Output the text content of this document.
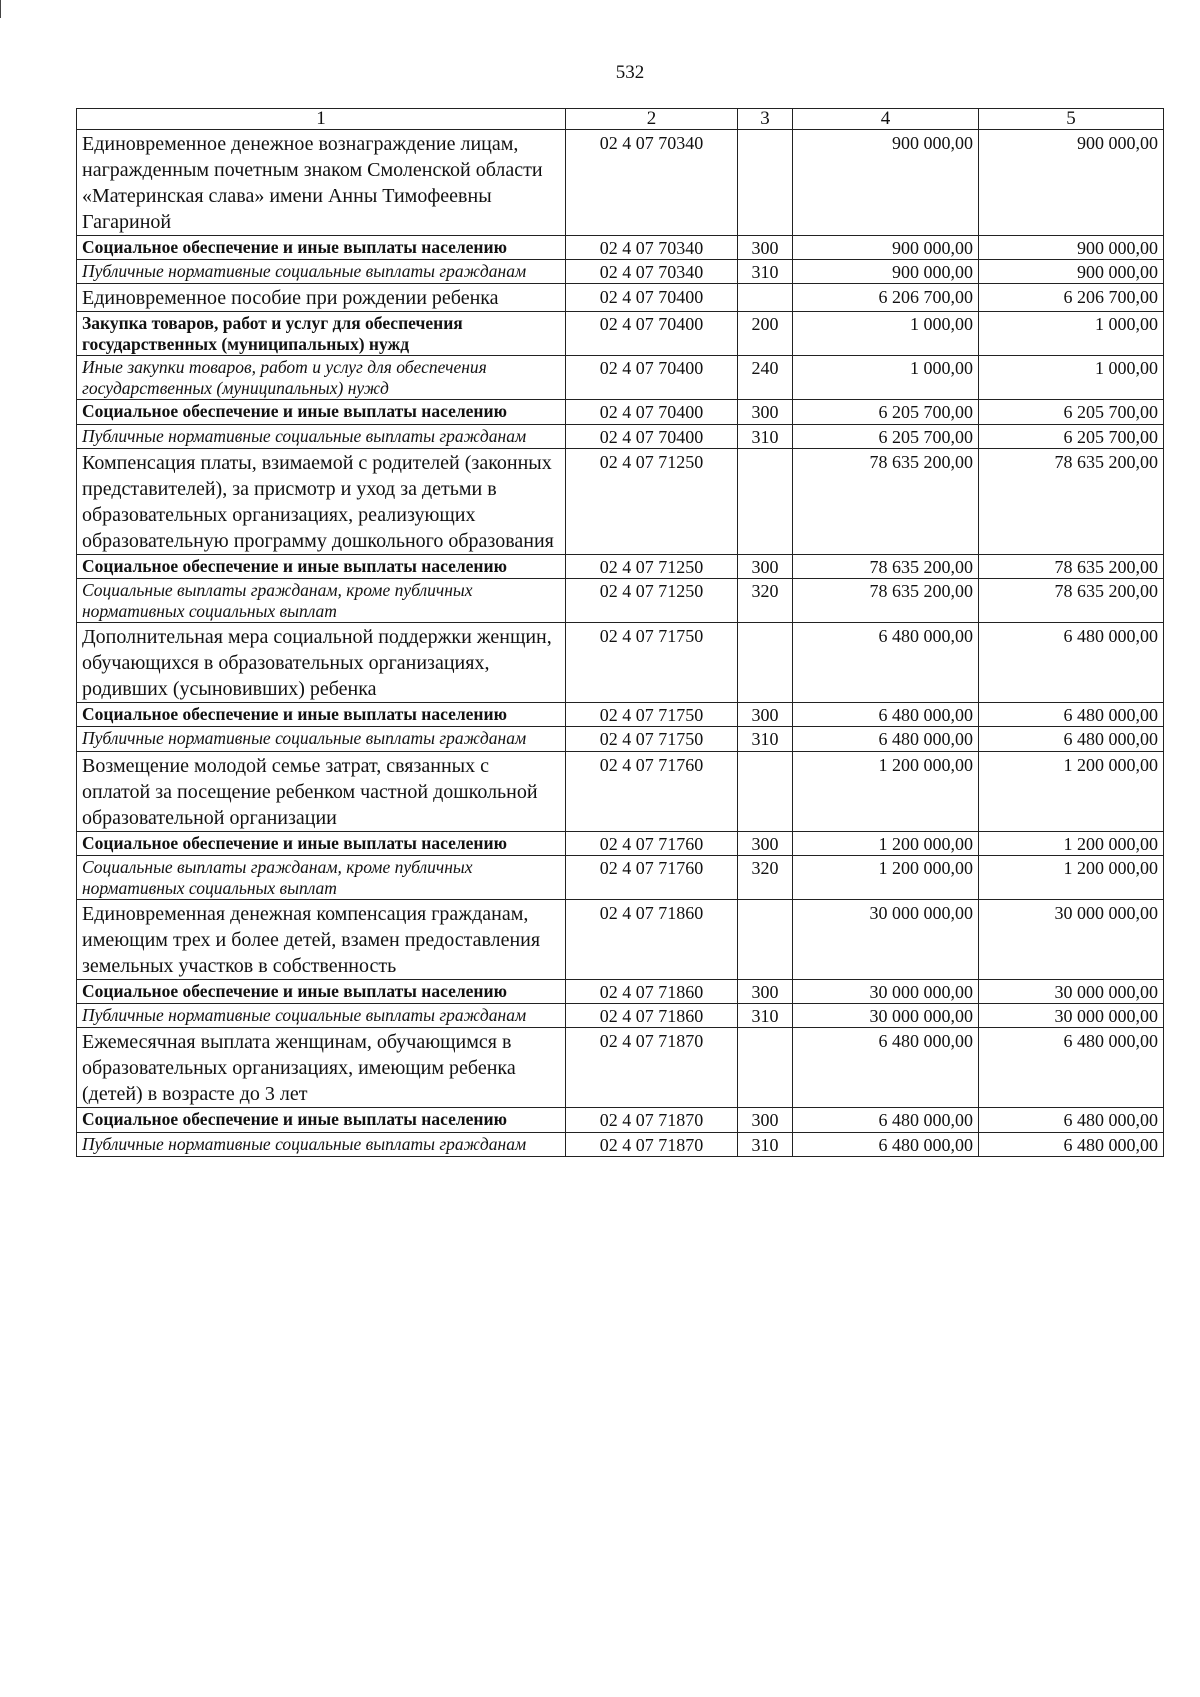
532
1	2	3	4	5
Единовременное денежное вознаграждение лицам, награжденным почетным знаком Смоленской области «Материнская слава» имени Анны Тимофеевны Гагариной	02 4 07 70340		900 000,00	900 000,00
Социальное обеспечение и иные выплаты населению	02 4 07 70340	300	900 000,00	900 000,00
Публичные нормативные социальные выплаты гражданам	02 4 07 70340	310	900 000,00	900 000,00
Единовременное пособие при рождении ребенка	02 4 07 70400		6 206 700,00	6 206 700,00
Закупка товаров, работ и услуг для обеспечения государственных (муниципальных) нужд	02 4 07 70400	200	1 000,00	1 000,00
Иные закупки товаров, работ и услуг для обеспечения государственных (муниципальных) нужд	02 4 07 70400	240	1 000,00	1 000,00
Социальное обеспечение и иные выплаты населению	02 4 07 70400	300	6 205 700,00	6 205 700,00
Публичные нормативные социальные выплаты гражданам	02 4 07 70400	310	6 205 700,00	6 205 700,00
Компенсация платы, взимаемой с родителей (законных представителей), за присмотр и уход за детьми в образовательных организациях, реализующих образовательную программу дошкольного образования	02 4 07 71250		78 635 200,00	78 635 200,00
Социальное обеспечение и иные выплаты населению	02 4 07 71250	300	78 635 200,00	78 635 200,00
Социальные выплаты гражданам, кроме публичных нормативных социальных выплат	02 4 07 71250	320	78 635 200,00	78 635 200,00
Дополнительная мера социальной поддержки женщин, обучающихся в образовательных организациях, родивших (усыновивших) ребенка	02 4 07 71750		6 480 000,00	6 480 000,00
Социальное обеспечение и иные выплаты населению	02 4 07 71750	300	6 480 000,00	6 480 000,00
Публичные нормативные социальные выплаты гражданам	02 4 07 71750	310	6 480 000,00	6 480 000,00
Возмещение молодой семье затрат, связанных с оплатой за посещение ребенком частной дошкольной образовательной организации	02 4 07 71760		1 200 000,00	1 200 000,00
Социальное обеспечение и иные выплаты населению	02 4 07 71760	300	1 200 000,00	1 200 000,00
Социальные выплаты гражданам, кроме публичных нормативных социальных выплат	02 4 07 71760	320	1 200 000,00	1 200 000,00
Единовременная денежная компенсация гражданам, имеющим трех и более детей, взамен предоставления земельных участков в собственность	02 4 07 71860		30 000 000,00	30 000 000,00
Социальное обеспечение и иные выплаты населению	02 4 07 71860	300	30 000 000,00	30 000 000,00
Публичные нормативные социальные выплаты гражданам	02 4 07 71860	310	30 000 000,00	30 000 000,00
Ежемесячная выплата женщинам, обучающимся в образовательных организациях, имеющим ребенка (детей) в возрасте до 3 лет	02 4 07 71870		6 480 000,00	6 480 000,00
Социальное обеспечение и иные выплаты населению	02 4 07 71870	300	6 480 000,00	6 480 000,00
Публичные нормативные социальные выплаты гражданам	02 4 07 71870	310	6 480 000,00	6 480 000,00
